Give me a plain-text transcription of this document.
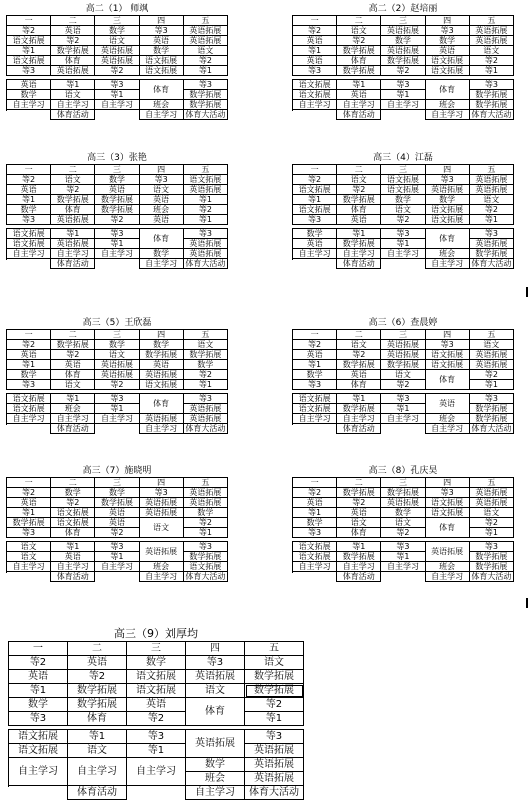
高二（1） 师飒
一	二	三	四	五
等2	英语	数学	等3	英语拓展
语文拓展	等2	语文	英语	英语拓展
等1	数学拓展	英语拓展	数学	语文
语文拓展	体育	英语拓展	语文拓展	等2
等3	英语拓展	等2	语文拓展	等1
英语	等1	等3	体育	等3
数学	语文	等1		数学拓展
自主学习	自主学习	自主学习	班会	数学拓展
			自主学习	体育大活动
	体育活动			
高二（2）赵培丽
一	二	三	四	五
等2	语文	英语拓展	等3	英语拓展
英语	等2	数学	数学	英语拓展
等1	数学拓展	英语拓展	英语	语文
英语	体育	数学拓展	语文拓展	等2
等3	数学拓展	等2	语文拓展	等1
语文拓展	等1	等3	体育	等3
语文拓展	英语	等1		数学拓展
自主学习	自主学习	自主学习	班会	数学拓展
			自主学习	体育大活动
	体育活动			
高三（3）张艳
一	二	三	四	五
等2	语文	数学	等3	语文拓展
英语	等2	英语	语文	英语拓展
等1	数学拓展	数学拓展	英语	等1
数学	体育	数学拓展	班会	等2
等3	英语拓展	等2	英语	等1
语文拓展	等1	等3	体育	等3
语文拓展	英语拓展	等1		英语拓展
自主学习	自主学习	自主学习	数学	英语拓展
			自主学习	体育大活动
	体育活动			
高三（4）江磊
一	二	三	四	五
等2	语文	语文拓展	等3	英语拓展
语文拓展	等2	语文拓展	英语拓展	英语拓展
等1	数学拓展	数学	数学	语文
语文拓展	体育	语文	语文拓展	等2
等3	英语	等2	语文拓展	等1
数学	等1	等3	体育	等3
英语	数学拓展	等1		英语拓展
自主学习	自主学习	自主学习	班会	数学拓展
			自主学习	体育大活动
	体育活动			
高三（5）王欣磊
一	二	三	四	五
等2	数学拓展	数学	数学	语文
英语	等2	语文	数学拓展	数学拓展
等1	英语	英语拓展	英语	数学
数学	体育	英语拓展	英语拓展	等2
等3	语文	等2	语文拓展	等1
语文拓展	等1	等3	体育	等3
语文拓展	班会	等1		英语拓展
自主学习	自主学习	自主学习	英语拓展	英语拓展
			自主学习	体育大活动
	体育活动			
高三（6）查晨婷
一	二	三	四	五
等2	语文	英语拓展	等3	语文
英语	等2	英语拓展	语文拓展	英语拓展
等1	数学拓展	数学拓展	语文拓展	英语拓展
数学	英语	语文	体育	等2
等3	体育	等2		等1
语文拓展	等1	等3	英语	等3
语文拓展	数学拓展	等1		数学拓展
自主学习	自主学习	自主学习	班会	数学拓展
			自主学习	体育大活动
	体育活动			
高三（7）施晓明
一	二	三	四	五
等2	数学	数学	等3	英语拓展
英语	等2	数学拓展	英语拓展	英语拓展
等1	语文拓展	英语	英语拓展	数学
数学拓展	语文拓展	英语	语文	等2
等3	体育	等2		等1
语文	等1	等3	英语拓展	等3
语文	英语	等1		数学拓展
自主学习	自主学习	自主学习	班会	语文拓展
			自主学习	体育大活动
	体育活动			
高三（8）孔庆昊
一	二	三	四	五
等2	数学拓展	数学拓展	等3	英语拓展
英语	等2	英语拓展	语文拓展	英语拓展
等1	英语	数学	语文拓展	语文
数学	语文	语文	体育	等2
等3	体育	等2		等1
语文拓展	等1	等3	英语拓展	等3
语文拓展	数学拓展	等1		数学拓展
自主学习	自主学习	自主学习	班会	数学拓展
			自主学习	体育大活动
	体育活动			
高三（9）刘厚均
一	二	三	四	五
等2	英语	数学	等3	语文
英语	等2	语文拓展	英语拓展	数学拓展
等1	数学拓展	语文拓展	语文	数学拓展
数学	数学拓展	英语	体育	等2
等3	体育	等2		等1
语文拓展	等1	等3	英语拓展	等3
语文拓展	语文	等1		英语拓展
自主学习	自主学习	自主学习	数学	英语拓展
			班会	英语拓展
			自主学习	体育大活动
	体育活动			
